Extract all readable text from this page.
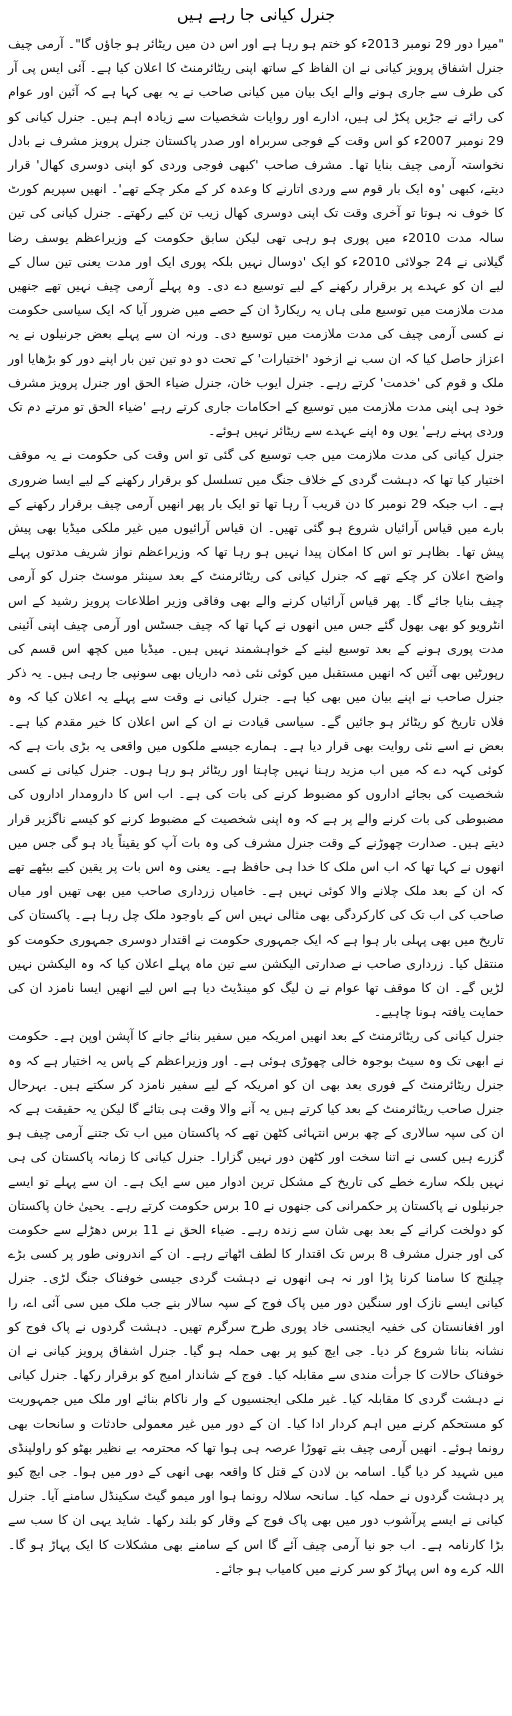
جنرل کیانی جا رہے ہیں

"میرا دور 29 نومبر 2013ء کو ختم ہو رہا ہے اور اس دن میں ریٹائر ہو جاؤں گا"۔ آرمی چیف جنرل اشفاق پرویز کیانی نے ان الفاظ کے ساتھ اپنی ریٹائرمنٹ کا اعلان کیا ہے۔ آئی ایس پی آر کی طرف سے جاری ہونے والے ایک بیان میں کیانی صاحب نے یہ بھی کہا ہے کہ آئین اور عوام کی رائے نے جڑیں پکڑ لی ہیں، ادارے اور روایات شخصیات سے زیادہ اہم ہیں۔ جنرل کیانی کو 29 نومبر 2007ء کو اس وقت کے فوجی سربراہ اور صدر پاکستان جنرل پرویز مشرف نے بادل نخواستہ آرمی چیف بنایا تھا۔ مشرف صاحب 'کبھی فوجی وردی کو اپنی دوسری کھال' قرار دیتے، کبھی 'وہ ایک بار قوم سے وردی اتارنے کا وعدہ کر کے مکر چکے تھے'۔ انھیں سپریم کورٹ کا خوف نہ ہوتا تو آخری وقت تک اپنی دوسری کھال زیب تن کیے رکھتے۔ جنرل کیانی کی تین سالہ مدت 2010ء میں پوری ہو رہی تھی لیکن سابق حکومت کے وزیراعظم یوسف رضا گیلانی نے 24 جولائی 2010ء کو ایک 'دوسال نہیں بلکہ پوری ایک اور مدت یعنی تین سال کے لیے ان کو عہدے پر برقرار رکھنے کے لیے توسیع دے دی۔ وہ پہلے آرمی چیف نہیں تھے جنھیں مدت ملازمت میں توسیع ملی ہاں یہ ریکارڈ ان کے حصے میں ضرور آیا کہ ایک سیاسی حکومت نے کسی آرمی چیف کی مدت ملازمت میں توسیع دی۔ ورنہ ان سے پہلے بعض جرنیلوں نے یہ اعزاز حاصل کیا کہ ان سب نے ازخود 'اختیارات' کے تحت دو دو تین تین بار اپنے دور کو بڑھایا اور ملک و قوم کی 'خدمت' کرتے رہے۔ جنرل ایوب خان، جنرل ضیاء الحق اور جنرل پرویز مشرف خود ہی اپنی مدت ملازمت میں توسیع کے احکامات جاری کرتے رہے 'ضیاء الحق تو مرتے دم تک وردی پہنے رہے' یوں وہ اپنے عہدے سے ریٹائر نہیں ہوئے۔

جنرل کیانی کی مدت ملازمت میں جب توسیع کی گئی تو اس وقت کی حکومت نے یہ موقف اختیار کیا تھا کہ دہشت گردی کے خلاف جنگ میں تسلسل کو برقرار رکھنے کے لیے ایسا ضروری ہے۔ اب جبکہ 29 نومبر کا دن قریب آ رہا تھا تو ایک بار پھر انھیں آرمی چیف برقرار رکھنے کے بارے میں قیاس آرائیاں شروع ہو گئی تھیں۔ ان قیاس آرائیوں میں غیر ملکی میڈیا بھی پیش پیش تھا۔ بظاہر تو اس کا امکان پیدا نہیں ہو رہا تھا کہ وزیراعظم نواز شریف مدتوں پہلے واضح اعلان کر چکے تھے کہ جنرل کیانی کی ریٹائرمنٹ کے بعد سینئر موسٹ جنرل کو آرمی چیف بنایا جائے گا۔ پھر قیاس آرائیاں کرنے والے بھی وفاقی وزیر اطلاعات پرویز رشید کے اس انٹرویو کو بھی بھول گئے جس میں انھوں نے کہا تھا کہ چیف جسٹس اور آرمی چیف اپنی آئینی مدت پوری ہونے کے بعد توسیع لینے کے خواہشمند نہیں ہیں۔ میڈیا میں کچھ اس قسم کی رپورٹیں بھی آئیں کہ انھیں مستقبل میں کوئی نئی ذمہ داریاں بھی سونپی جا رہی ہیں۔ یہ ذکر جنرل صاحب نے اپنے بیان میں بھی کیا ہے۔ جنرل کیانی نے وقت سے پہلے یہ اعلان کیا کہ وہ فلاں تاریخ کو ریٹائر ہو جائیں گے۔ سیاسی قیادت نے ان کے اس اعلان کا خیر مقدم کیا ہے۔ بعض نے اسے نئی روایت بھی قرار دیا ہے۔ ہمارے جیسے ملکوں میں واقعی یہ بڑی بات ہے کہ کوئی کہہ دے کہ میں اب مزید رہنا نہیں چاہتا اور ریٹائر ہو رہا ہوں۔ جنرل کیانی نے کسی شخصیت کی بجائے اداروں کو مضبوط کرنے کی بات کی ہے۔ اب اس کا دارومدار اداروں کی مضبوطی کی بات کرنے والے پر ہے کہ وہ اپنی شخصیت کے مضبوط کرنے کو کیسے ناگزیر قرار دیتے ہیں۔ صدارت چھوڑنے کے وقت جنرل مشرف کی وہ بات آپ کو یقیناً یاد ہو گی جس میں انھوں نے کہا تھا کہ اب اس ملک کا خدا ہی حافظ ہے۔ یعنی وہ اس بات پر یقین کیے بیٹھے تھے کہ ان کے بعد ملک چلانے والا کوئی نہیں ہے۔ خامیاں زرداری صاحب میں بھی تھیں اور میاں صاحب کی اب تک کی کارکردگی بھی مثالی نہیں اس کے باوجود ملک چل رہا ہے۔ پاکستان کی تاریخ میں بھی پہلی بار ہوا ہے کہ ایک جمہوری حکومت نے اقتدار دوسری جمہوری حکومت کو منتقل کیا۔ زرداری صاحب نے صدارتی الیکشن سے تین ماہ پہلے اعلان کیا کہ وہ الیکشن نہیں لڑیں گے۔ ان کا موقف تھا عوام نے ن لیگ کو مینڈیٹ دیا ہے اس لیے انھیں ایسا نامزد ان کی حمایت یافتہ ہونا چاہیے۔

جنرل کیانی کی ریٹائرمنٹ کے بعد انھیں امریکہ میں سفیر بنائے جانے کا آپشن اوپن ہے۔ حکومت نے ابھی تک وہ سیٹ بوجوہ خالی چھوڑی ہوئی ہے۔ اور وزیراعظم کے پاس یہ اختیار ہے کہ وہ جنرل ریٹائرمنٹ کے فوری بعد بھی ان کو امریکہ کے لیے سفیر نامزد کر سکتے ہیں۔ بہرحال جنرل صاحب ریٹائرمنٹ کے بعد کیا کرتے ہیں یہ آنے والا وقت ہی بتائے گا لیکن یہ حقیقت ہے کہ ان کی سپہ سالاری کے چھ برس انتہائی کٹھن تھے کہ پاکستان میں اب تک جتنے آرمی چیف ہو گزرے ہیں کسی نے اتنا سخت اور کٹھن دور نہیں گزارا۔ جنرل کیانی کا زمانہ پاکستان کی ہی نہیں بلکہ سارے خطے کی تاریخ کے مشکل ترین ادوار میں سے ایک ہے۔ ان سے پہلے تو ایسے جرنیلوں نے پاکستان پر حکمرانی کی جنھوں نے 10 برس حکومت کرتے رہے۔ یحییٰ خان پاکستان کو دولخت کرانے کے بعد بھی شان سے زندہ رہے۔ ضیاء الحق نے 11 برس دھڑلے سے حکومت کی اور جنرل مشرف 8 برس تک اقتدار کا لطف اٹھاتے رہے۔ ان کے اندرونی طور پر کسی بڑے چیلنج کا سامنا کرنا پڑا اور نہ ہی انھوں نے دہشت گردی جیسی خوفناک جنگ لڑی۔ جنرل کیانی ایسے نازک اور سنگین دور میں پاک فوج کے سپہ سالار بنے جب ملک میں سی آئی اے، را اور افغانستان کی خفیہ ایجنسی خاد پوری طرح سرگرم تھیں۔ دہشت گردوں نے پاک فوج کو نشانہ بنانا شروع کر دیا۔ جی ایچ کیو پر بھی حملہ ہو گیا۔ جنرل اشفاق پرویز کیانی نے ان خوفناک حالات کا جرأت مندی سے مقابلہ کیا۔ فوج کے شاندار امیج کو برقرار رکھا۔ جنرل کیانی نے دہشت گردی کا مقابلہ کیا۔ غیر ملکی ایجنسیوں کے وار ناکام بنائے اور ملک میں جمہوریت کو مستحکم کرنے میں اہم کردار ادا کیا۔ ان کے دور میں غیر معمولی حادثات و سانحات بھی رونما ہوئے۔ انھیں آرمی چیف بنے تھوڑا عرصہ ہی ہوا تھا کہ محترمہ بے نظیر بھٹو کو راولپنڈی میں شہید کر دیا گیا۔ اسامہ بن لادن کے قتل کا واقعہ بھی انھی کے دور میں ہوا۔ جی ایچ کیو پر دہشت گردوں نے حملہ کیا۔ سانحہ سلالہ رونما ہوا اور میمو گیٹ سکینڈل سامنے آیا۔ جنرل کیانی نے ایسے پرآشوب دور میں بھی پاک فوج کے وقار کو بلند رکھا۔ شاید یہی ان کا سب سے بڑا کارنامہ ہے۔ اب جو نیا آرمی چیف آئے گا اس کے سامنے بھی مشکلات کا ایک پہاڑ ہو گا۔ اللہ کرے وہ اس پہاڑ کو سر کرنے میں کامیاب ہو جائے۔
